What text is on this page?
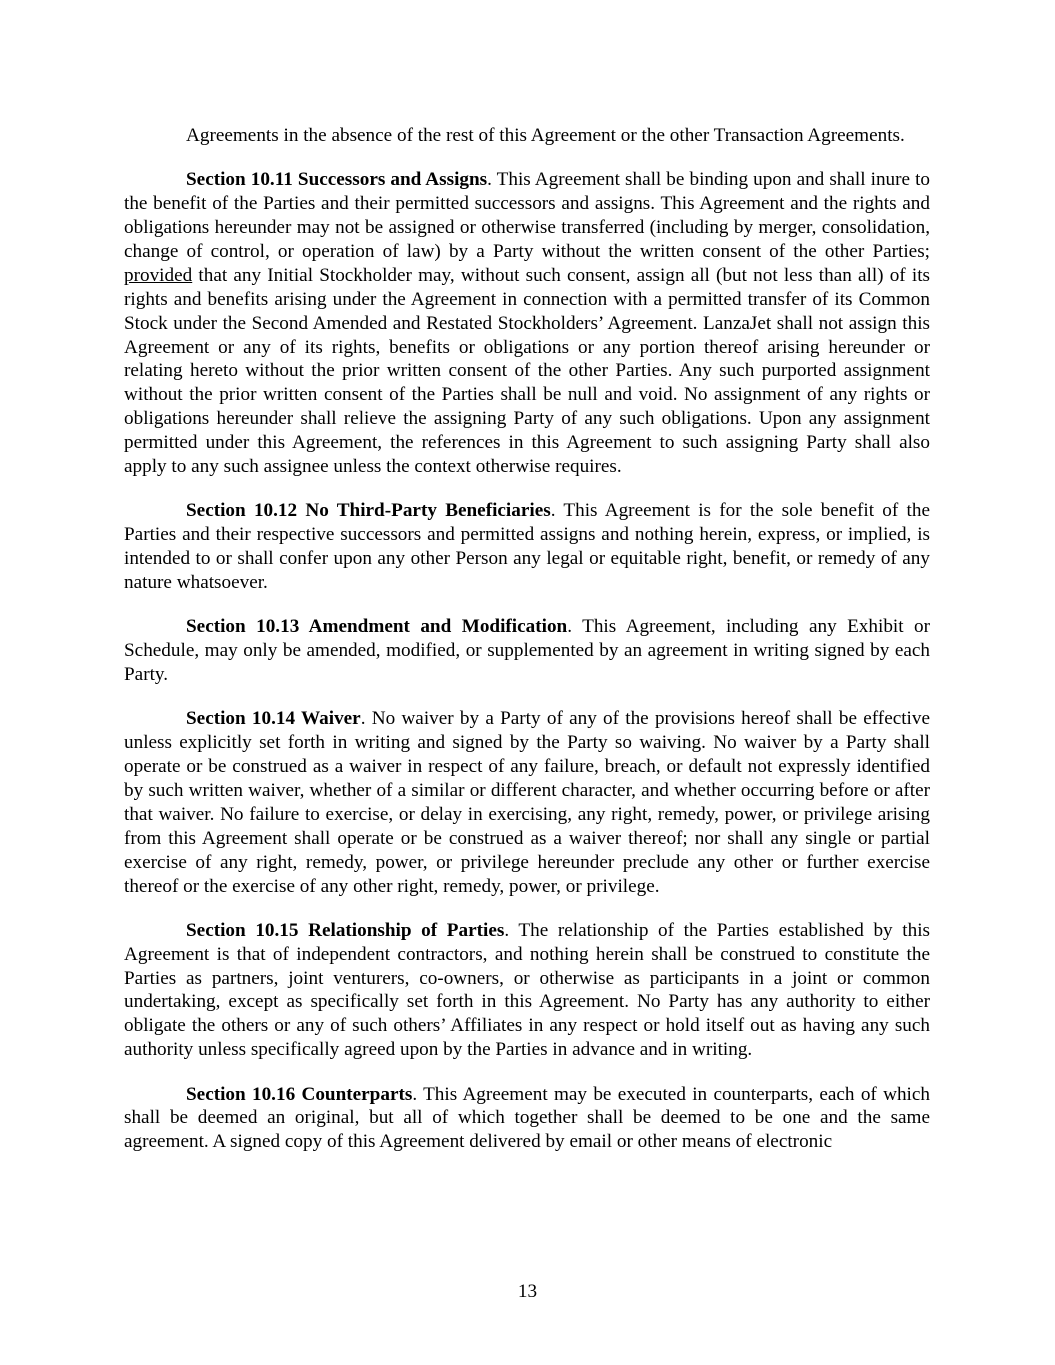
Agreements in the absence of the rest of this Agreement or the other Transaction Agreements.

Section 10.11 Successors and Assigns. This Agreement shall be binding upon and shall inure to the benefit of the Parties and their permitted successors and assigns. This Agreement and the rights and obligations hereunder may not be assigned or otherwise transferred (including by merger, consolidation, change of control, or operation of law) by a Party without the written consent of the other Parties; provided that any Initial Stockholder may, without such consent, assign all (but not less than all) of its rights and benefits arising under the Agreement in connection with a permitted transfer of its Common Stock under the Second Amended and Restated Stockholders’ Agreement. LanzaJet shall not assign this Agreement or any of its rights, benefits or obligations or any portion thereof arising hereunder or relating hereto without the prior written consent of the other Parties. Any such purported assignment without the prior written consent of the Parties shall be null and void. No assignment of any rights or obligations hereunder shall relieve the assigning Party of any such obligations. Upon any assignment permitted under this Agreement, the references in this Agreement to such assigning Party shall also apply to any such assignee unless the context otherwise requires.

Section 10.12 No Third-Party Beneficiaries. This Agreement is for the sole benefit of the Parties and their respective successors and permitted assigns and nothing herein, express, or implied, is intended to or shall confer upon any other Person any legal or equitable right, benefit, or remedy of any nature whatsoever.

Section 10.13 Amendment and Modification. This Agreement, including any Exhibit or Schedule, may only be amended, modified, or supplemented by an agreement in writing signed by each Party.

Section 10.14 Waiver. No waiver by a Party of any of the provisions hereof shall be effective unless explicitly set forth in writing and signed by the Party so waiving. No waiver by a Party shall operate or be construed as a waiver in respect of any failure, breach, or default not expressly identified by such written waiver, whether of a similar or different character, and whether occurring before or after that waiver. No failure to exercise, or delay in exercising, any right, remedy, power, or privilege arising from this Agreement shall operate or be construed as a waiver thereof; nor shall any single or partial exercise of any right, remedy, power, or privilege hereunder preclude any other or further exercise thereof or the exercise of any other right, remedy, power, or privilege.

Section 10.15 Relationship of Parties. The relationship of the Parties established by this Agreement is that of independent contractors, and nothing herein shall be construed to constitute the Parties as partners, joint venturers, co-owners, or otherwise as participants in a joint or common undertaking, except as specifically set forth in this Agreement. No Party has any authority to either obligate the others or any of such others’ Affiliates in any respect or hold itself out as having any such authority unless specifically agreed upon by the Parties in advance and in writing.

Section 10.16 Counterparts. This Agreement may be executed in counterparts, each of which shall be deemed an original, but all of which together shall be deemed to be one and the same agreement. A signed copy of this Agreement delivered by email or other means of electronic

13
